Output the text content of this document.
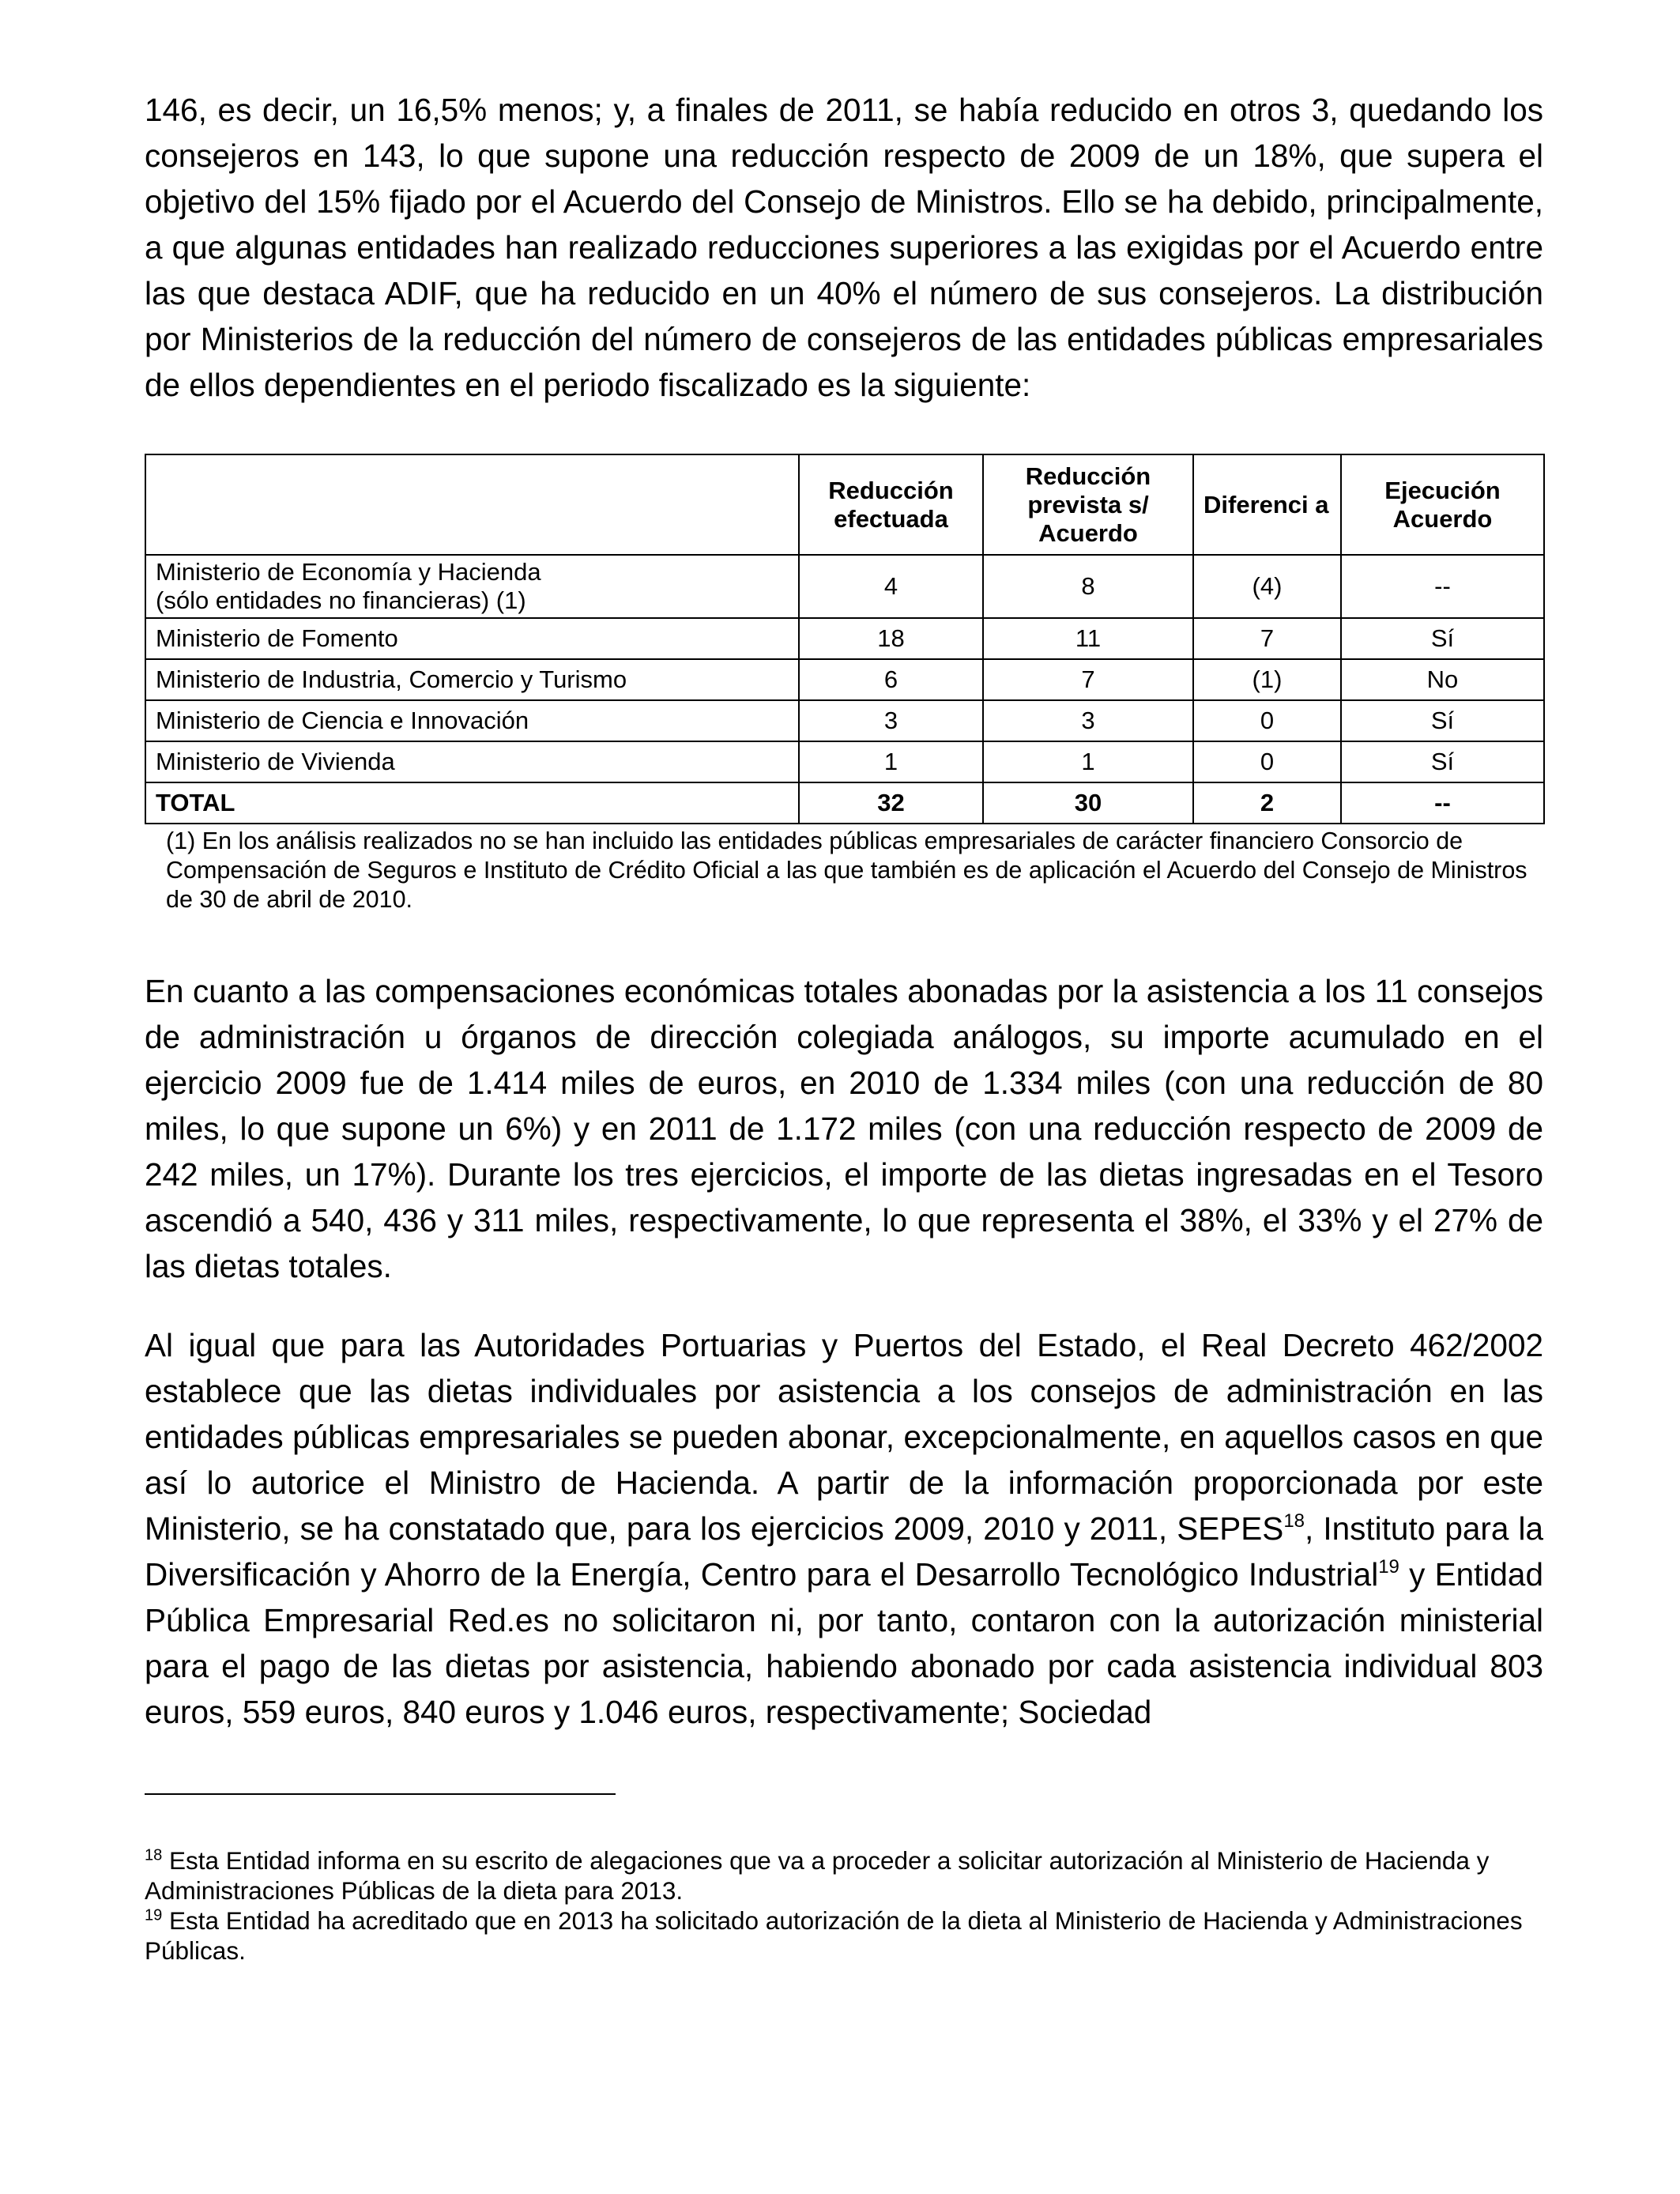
146, es decir, un 16,5% menos; y, a finales de 2011, se había reducido en otros 3, quedando los consejeros en 143, lo que supone una reducción respecto de 2009 de un 18%, que supera el objetivo del 15% fijado por el Acuerdo del Consejo de Ministros. Ello se ha debido, principalmente, a que algunas entidades han realizado reducciones superiores a las exigidas por el Acuerdo entre las que destaca ADIF, que ha reducido en un 40% el número de sus consejeros. La distribución por Ministerios de la reducción del número de consejeros de las entidades públicas empresariales de ellos dependientes en el periodo fiscalizado es la siguiente:

	Reducción efectuada	Reducción prevista s/ Acuerdo	Diferenci a	Ejecución Acuerdo

Ministerio de Economía y Hacienda
(sólo entidades no financieras) (1)	4	8	(4)	--
Ministerio de Fomento	18	11	7	Sí
Ministerio de Industria, Comercio y Turismo	6	7	(1)	No
Ministerio de Ciencia e Innovación	3	3	0	Sí
Ministerio de Vivienda	1	1	0	Sí
TOTAL	32	30	2	--

(1) En los análisis realizados no se han incluido las entidades públicas empresariales de carácter financiero Consorcio de Compensación de Seguros e Instituto de Crédito Oficial a las que también es de aplicación el Acuerdo del Consejo de Ministros de 30 de abril de 2010.

En cuanto a las compensaciones económicas totales abonadas por la asistencia a los 11 consejos de administración u órganos de dirección colegiada análogos, su importe acumulado en el ejercicio 2009 fue de 1.414 miles de euros, en 2010 de 1.334 miles (con una reducción de 80 miles, lo que supone un 6%) y en 2011 de 1.172 miles (con una reducción respecto de 2009 de 242 miles, un 17%). Durante los tres ejercicios, el importe de las dietas ingresadas en el Tesoro ascendió a 540, 436 y 311 miles, respectivamente, lo que representa el 38%, el 33% y el 27% de las dietas totales.

Al igual que para las Autoridades Portuarias y Puertos del Estado, el Real Decreto 462/2002 establece que las dietas individuales por asistencia a los consejos de administración en las entidades públicas empresariales se pueden abonar, excepcionalmente, en aquellos casos en que así lo autorice el Ministro de Hacienda. A partir de la información proporcionada por este Ministerio, se ha constatado que, para los ejercicios 2009, 2010 y 2011, SEPES$^{18}$, Instituto para la Diversificación y Ahorro de la Energía, Centro para el Desarrollo Tecnológico Industrial$^{19}$ y Entidad Pública Empresarial Red.es no solicitaron ni, por tanto, contaron con la autorización ministerial para el pago de las dietas por asistencia, habiendo abonado por cada asistencia individual 803 euros, 559 euros, 840 euros y 1.046 euros, respectivamente; Sociedad

$^{18}$ Esta Entidad informa en su escrito de alegaciones que va a proceder a solicitar autorización al Ministerio de Hacienda y Administraciones Públicas de la dieta para 2013.

$^{19}$ Esta Entidad ha acreditado que en 2013 ha solicitado autorización de la dieta al Ministerio de Hacienda y Administraciones Públicas.
